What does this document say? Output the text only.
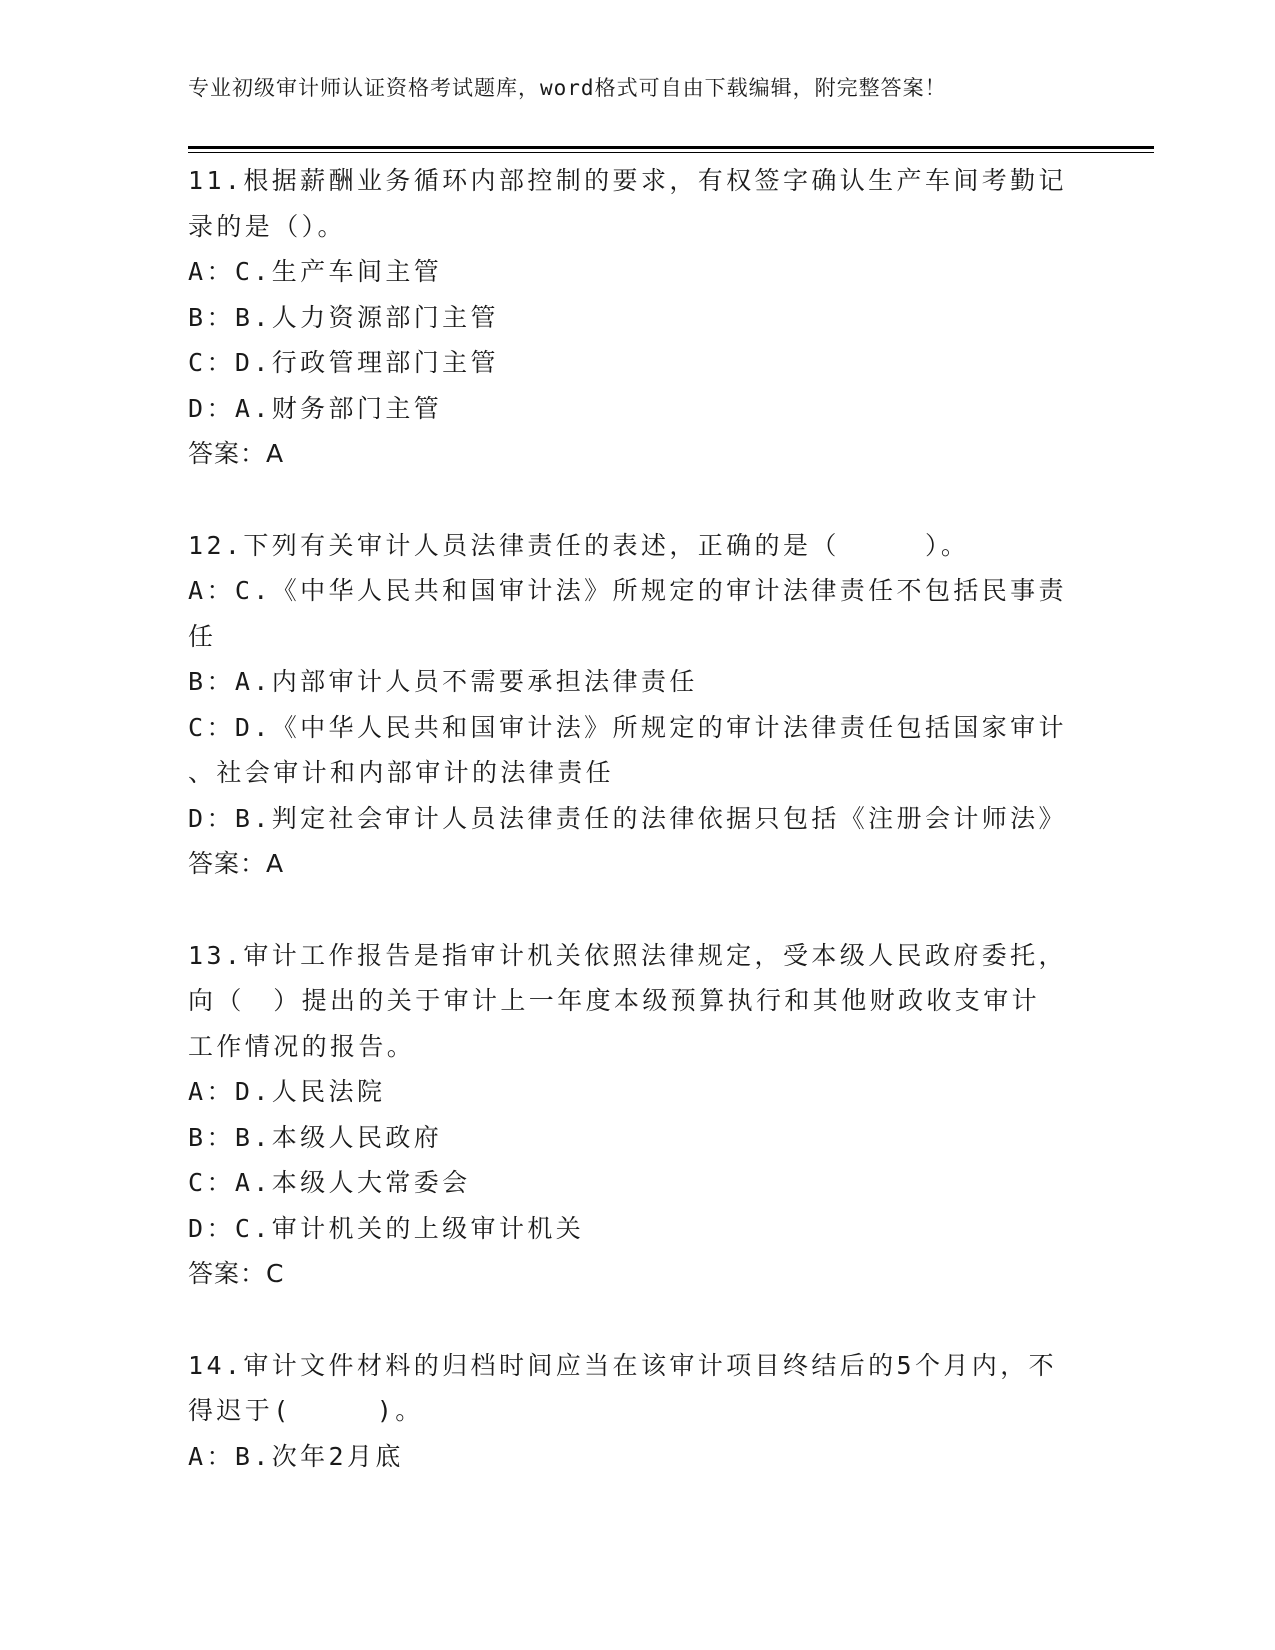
专业初级审计师认证资格考试题库，word格式可自由下载编辑，附完整答案！
11.根据薪酬业务循环内部控制的要求，有权签字确认生产车间考勤记
录的是（）。
A：C.生产车间主管
B：B.人力资源部门主管
C：D.行政管理部门主管
D：A.财务部门主管
答案：A
12.下列有关审计人员法律责任的表述，正确的是（　　　）。
A：C.《中华人民共和国审计法》所规定的审计法律责任不包括民事责
任
B：A.内部审计人员不需要承担法律责任
C：D.《中华人民共和国审计法》所规定的审计法律责任包括国家审计
、社会审计和内部审计的法律责任
D：B.判定社会审计人员法律责任的法律依据只包括《注册会计师法》
答案：A
13.审计工作报告是指审计机关依照法律规定，受本级人民政府委托，
向（　）提出的关于审计上一年度本级预算执行和其他财政收支审计
工作情况的报告。
A：D.人民法院
B：B.本级人民政府
C：A.本级人大常委会
D：C.审计机关的上级审计机关
答案：C
14.审计文件材料的归档时间应当在该审计项目终结后的5个月内，不
得迟于(　　　)。
A：B.次年2月底
